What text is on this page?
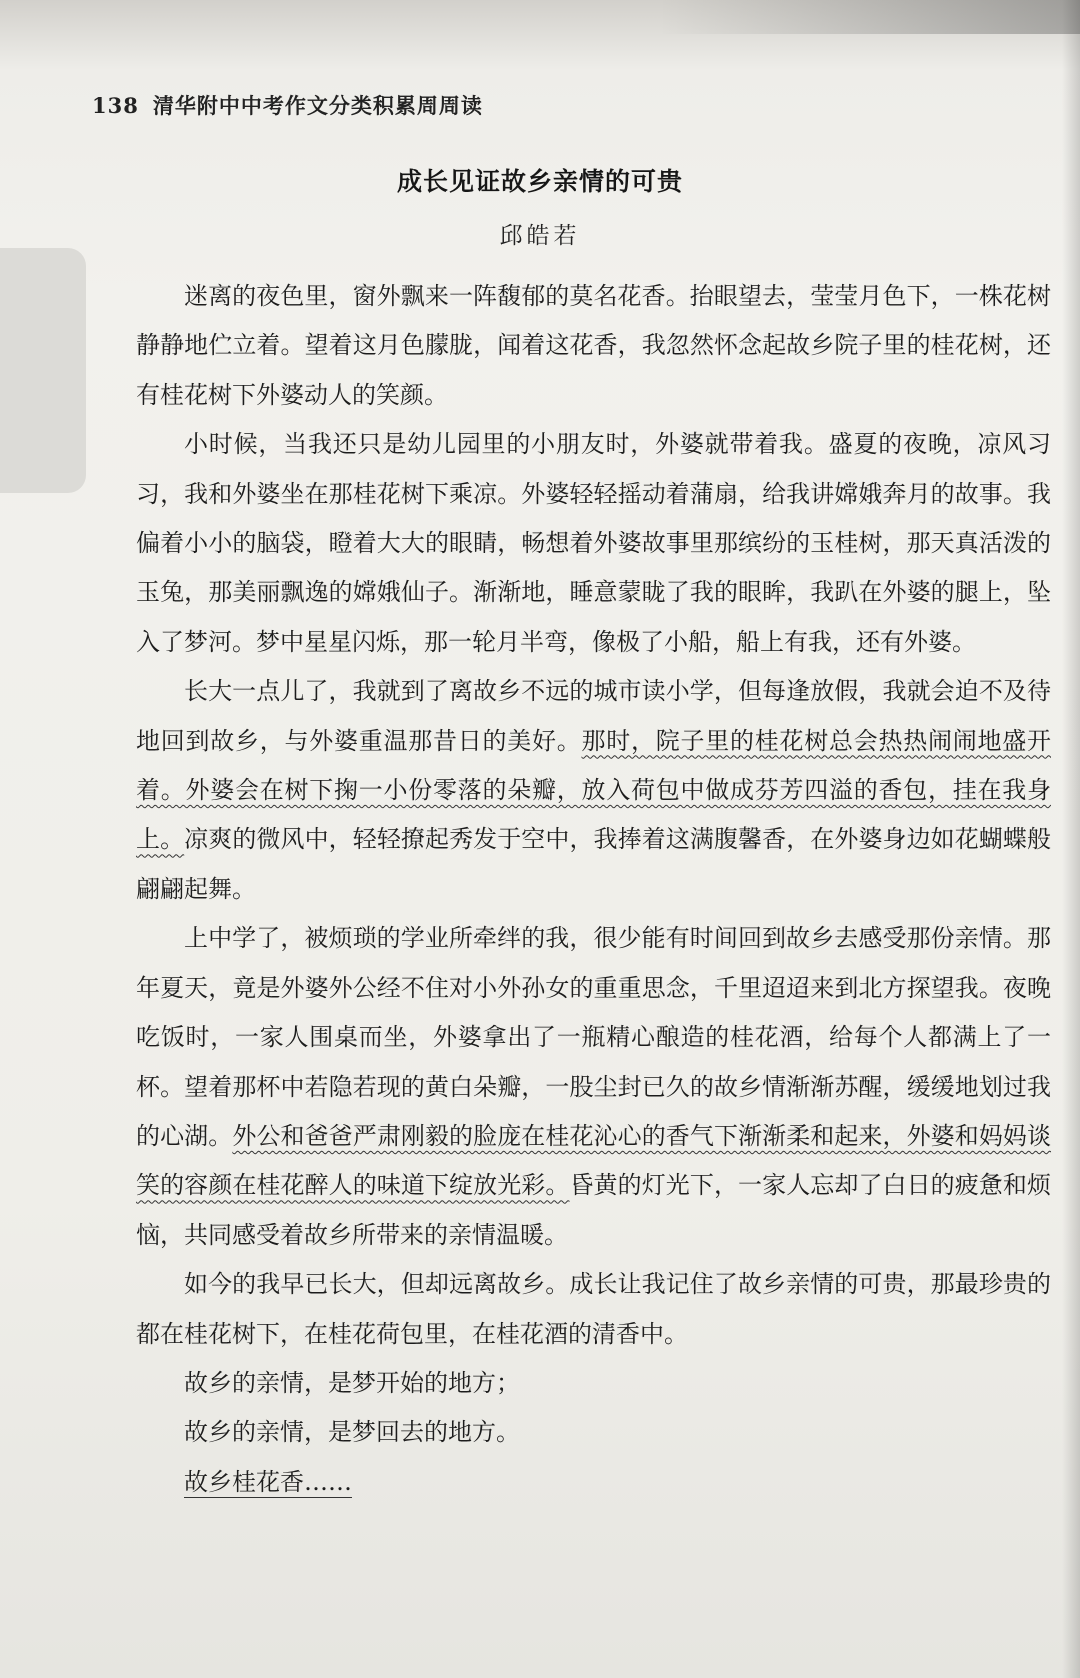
138 清华附中中考作文分类积累周周读
成长见证故乡亲情的可贵
邱皓若

迷离的夜色里，窗外飘来一阵馥郁的莫名花香。抬眼望去，莹莹月色下，一株花树静静地伫立着。望着这月色朦胧，闻着这花香，我忽然怀念起故乡院子里的桂花树，还有桂花树下外婆动人的笑颜。

小时候，当我还只是幼儿园里的小朋友时，外婆就带着我。盛夏的夜晚，凉风习习，我和外婆坐在那桂花树下乘凉。外婆轻轻摇动着蒲扇，给我讲嫦娥奔月的故事。我偏着小小的脑袋，瞪着大大的眼睛，畅想着外婆故事里那缤纷的玉桂树，那天真活泼的玉兔，那美丽飘逸的嫦娥仙子。渐渐地，睡意蒙眬了我的眼眸，我趴在外婆的腿上，坠入了梦河。梦中星星闪烁，那一轮月半弯，像极了小船，船上有我，还有外婆。

长大一点儿了，我就到了离故乡不远的城市读小学，但每逢放假，我就会迫不及待地回到故乡，与外婆重温那昔日的美好。那时，院子里的桂花树总会热热闹闹地盛开着。外婆会在树下掬一小份零落的朵瓣，放入荷包中做成芬芳四溢的香包，挂在我身上。凉爽的微风中，轻轻撩起秀发于空中，我捧着这满腹馨香，在外婆身边如花蝴蝶般翩翩起舞。

上中学了，被烦琐的学业所牵绊的我，很少能有时间回到故乡去感受那份亲情。那年夏天，竟是外婆外公经不住对小外孙女的重重思念，千里迢迢来到北方探望我。夜晚吃饭时，一家人围桌而坐，外婆拿出了一瓶精心酿造的桂花酒，给每个人都满上了一杯。望着那杯中若隐若现的黄白朵瓣，一股尘封已久的故乡情渐渐苏醒，缓缓地划过我的心湖。外公和爸爸严肃刚毅的脸庞在桂花沁心的香气下渐渐柔和起来，外婆和妈妈谈笑的容颜在桂花醉人的味道下绽放光彩。昏黄的灯光下，一家人忘却了白日的疲惫和烦恼，共同感受着故乡所带来的亲情温暖。

如今的我早已长大，但却远离故乡。成长让我记住了故乡亲情的可贵，那最珍贵的都在桂花树下，在桂花荷包里，在桂花酒的清香中。

故乡的亲情，是梦开始的地方；

故乡的亲情，是梦回去的地方。

故乡桂花香……
